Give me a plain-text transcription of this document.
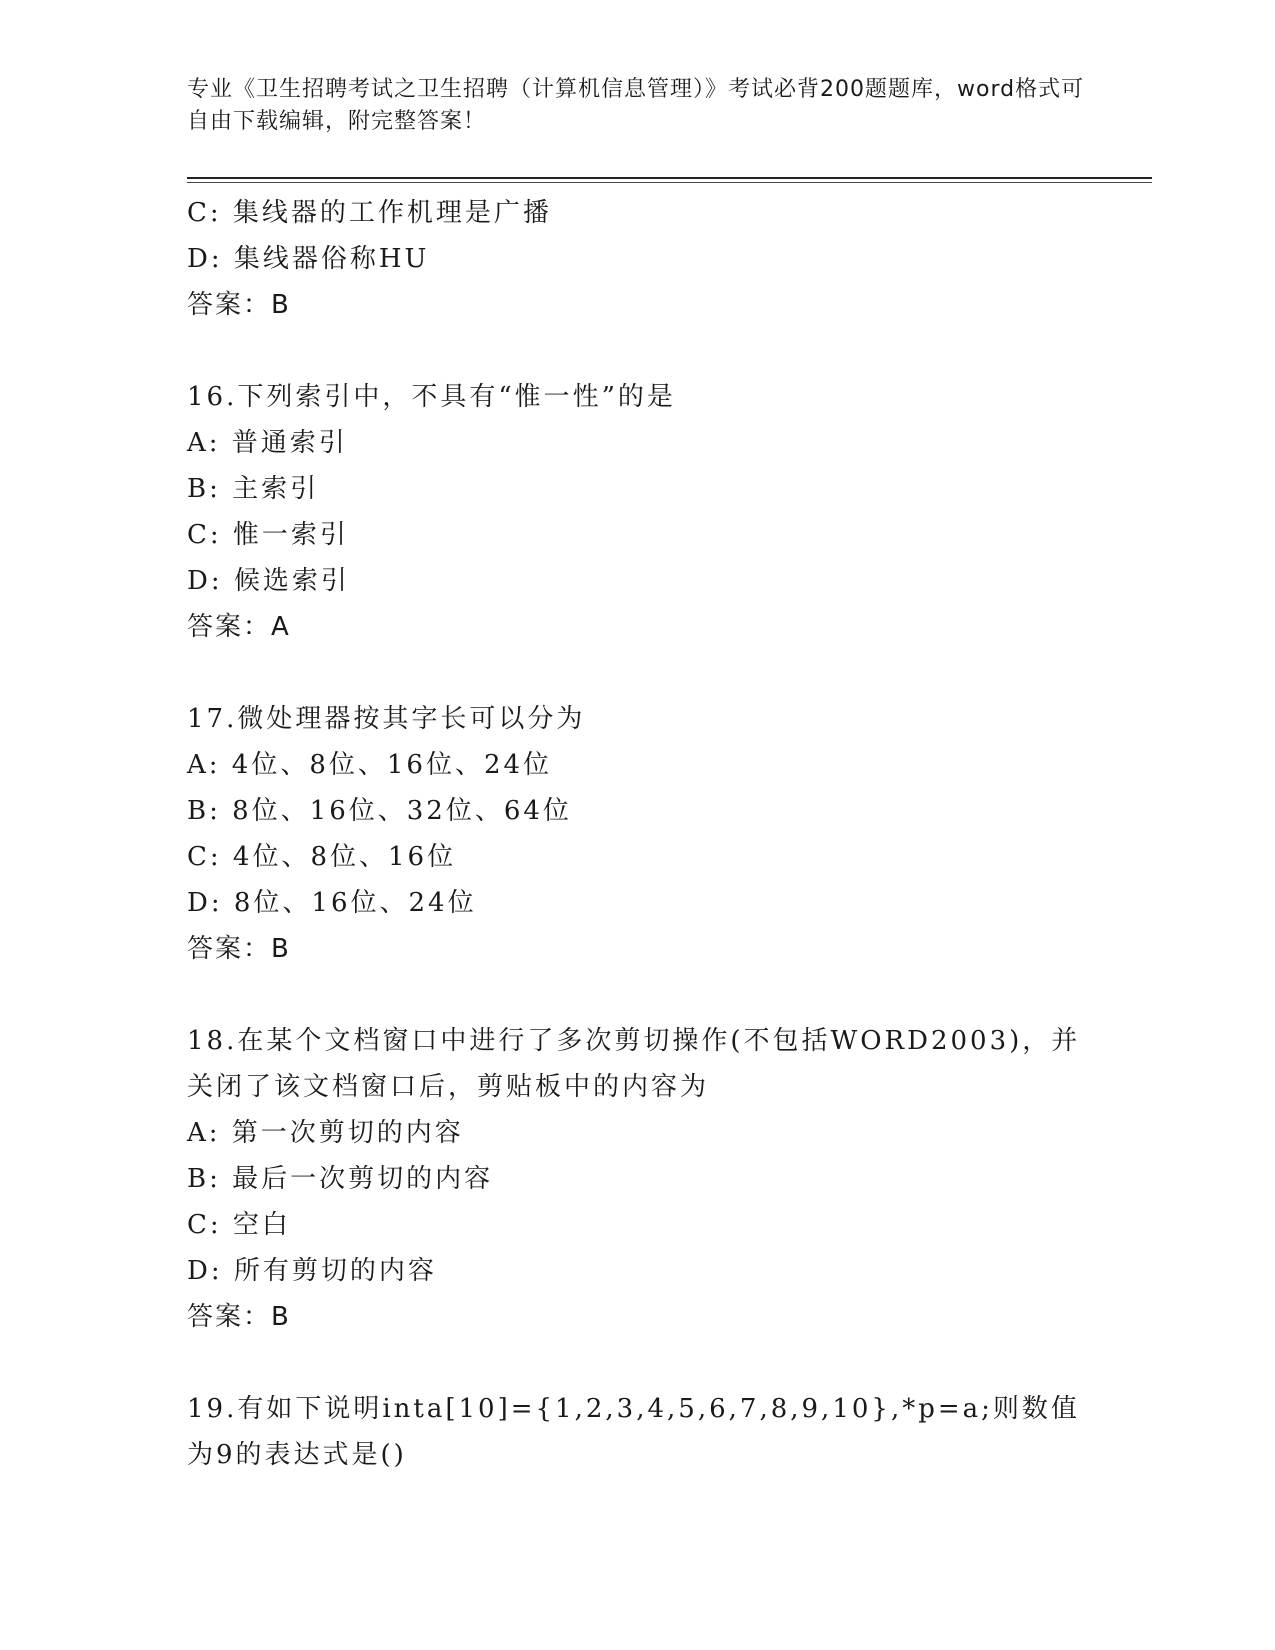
专业《卫生招聘考试之卫生招聘（计算机信息管理）》考试必背200题题库，word格式可自由下载编辑，附完整答案！
C: 集线器的工作机理是广播
D: 集线器俗称HU
答案：B
16.下列索引中，不具有“惟一性”的是
A: 普通索引
B: 主索引
C: 惟一索引
D: 候选索引
答案：A
17.微处理器按其字长可以分为
A: 4位、8位、16位、24位
B: 8位、16位、32位、64位
C: 4位、8位、16位
D: 8位、16位、24位
答案：B
18.在某个文档窗口中进行了多次剪切操作(不包括WORD2003)，并关闭了该文档窗口后，剪贴板中的内容为
A: 第一次剪切的内容
B: 最后一次剪切的内容
C: 空白
D: 所有剪切的内容
答案：B
19.有如下说明inta[10]={1,2,3,4,5,6,7,8,9,10},*p=a;则数值为9的表达式是()
